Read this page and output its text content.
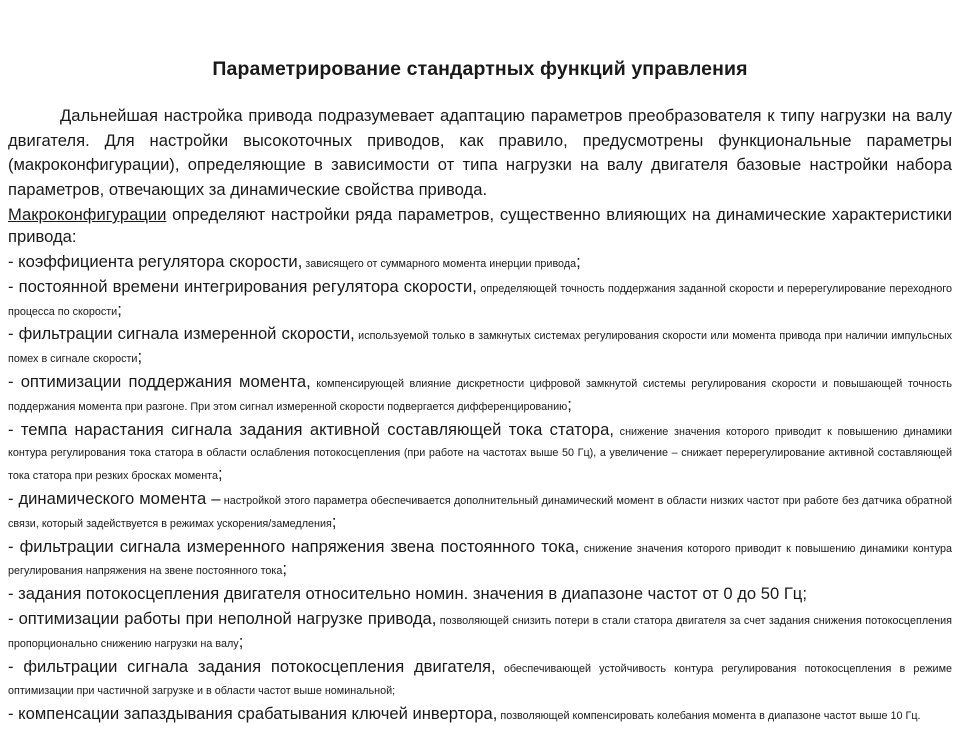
Параметрирование стандартных функций управления

Дальнейшая настройка привода подразумевает адаптацию параметров преобразователя к типу нагрузки на валу двигателя. Для настройки высокоточных приводов, как правило, предусмотрены функциональные параметры (макроконфигурации), определяющие в зависимости от типа нагрузки на валу двигателя базовые настройки набора параметров, отвечающих за динамические свойства привода.

Макроконфигурации определяют настройки ряда параметров, существенно влияющих на динамические характеристики привода:

- коэффициента регулятора скорости, зависящего от суммарного момента инерции привода;
- постоянной времени интегрирования регулятора скорости, определяющей точность поддержания заданной скорости и перерегулирование переходного процесса по скорости;
- фильтрации сигнала измеренной скорости, используемой только в замкнутых системах регулирования скорости или момента привода при наличии импульсных помех в сигнале скорости;
- оптимизации поддержания момента, компенсирующей влияние дискретности цифровой замкнутой системы регулирования скорости и повышающей точность поддержания момента при разгоне. При этом сигнал измеренной скорости подвергается дифференцированию;
- темпа нарастания сигнала задания активной составляющей тока статора, снижение значения которого приводит к повышению динамики контура регулирования тока статора в области ослабления потокосцепления (при работе на частотах выше 50 Гц), а увеличение – снижает перерегулирование активной составляющей тока статора при резких бросках момента;
- динамического момента – настройкой этого параметра обеспечивается дополнительный динамический момент в области низких частот при работе без датчика обратной связи, который задействуется в режимах ускорения/замедления;
- фильтрации сигнала измеренного напряжения звена постоянного тока, снижение значения которого приводит к повышению динамики контура регулирования напряжения на звене постоянного тока;
- задания потокосцепления двигателя относительно номин. значения в диапазоне частот от 0 до 50 Гц;
- оптимизации работы при неполной нагрузке привода, позволяющей снизить потери в стали статора двигателя за счет задания снижения потокосцепления пропорционально снижению нагрузки на валу;
- фильтрации сигнала задания потокосцепления двигателя, обеспечивающей устойчивость контура регулирования потокосцепления в режиме оптимизации при частичной загрузке и в области частот выше номинальной;
- компенсации запаздывания срабатывания ключей инвертора, позволяющей компенсировать колебания момента в диапазоне частот выше 10 Гц.
